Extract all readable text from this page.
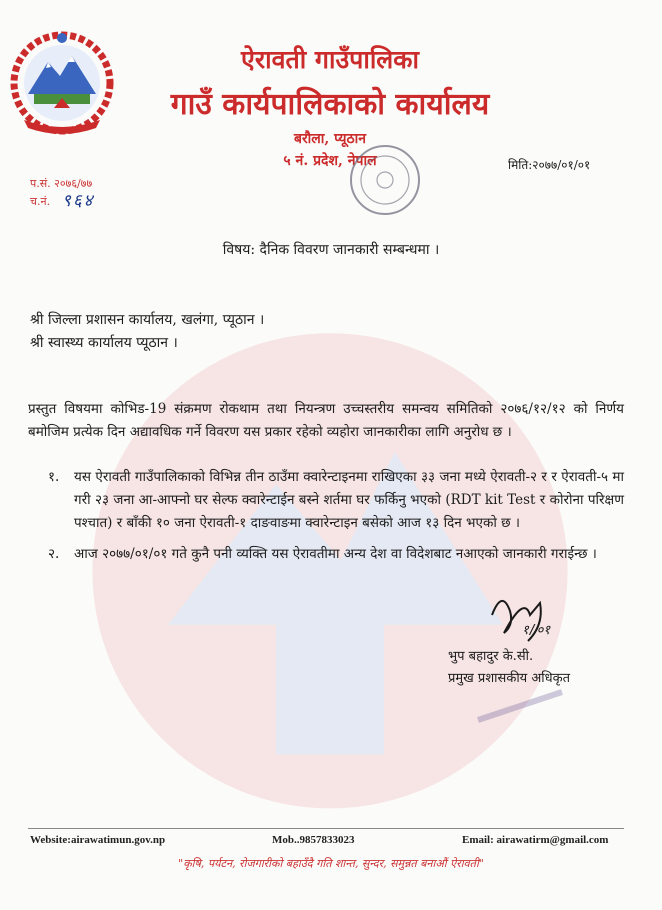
ऐरावती गाउँपालिका
गाउँ कार्यपालिकाको कार्यालय
बरौला, प्यूठान
५ नं. प्रदेश, नेपाल	मिति:२०७७/०१/०१
प.सं. २०७६/७७
च.नं. ९६४
विषय: दैनिक विवरण जानकारी सम्बन्धमा ।
श्री जिल्ला प्रशासन कार्यालय, खलंगा, प्यूठान ।
श्री स्वास्थ्य कार्यालय प्यूठान ।
प्रस्तुत विषयमा कोभिड-19 संक्रमण रोकथाम तथा नियन्त्रण उच्चस्तरीय समन्वय समितिको २०७६/१२/१२ को निर्णय बमोजिम प्रत्येक दिन अद्यावधिक गर्ने विवरण यस प्रकार रहेको व्यहोरा जानकारीका लागि अनुरोध छ ।
१.	यस ऐरावती गाउँपालिकाको विभिन्न तीन ठाउँमा क्वारेन्टाइनमा राखिएका ३३ जना मध्ये ऐरावती-२ र र ऐरावती-५ मा गरी २३ जना आ-आफ्नो घर सेल्फ क्वारेन्टाईन बस्ने शर्तमा घर फर्किनु भएको (RDT kit Test र कोरोना परिक्षण पश्चात) र बाँकी १० जना ऐरावती-१ दाङवाङमा क्वारेन्टाइन बसेको आज १३ दिन भएको छ ।
२.	आज २०७७/०१/०१ गते कुनै पनी व्यक्ति यस ऐरावतीमा अन्य देश वा विदेशबाट नआएको जानकारी गराईन्छ ।
१/०१
भुप बहादुर के.सी.
प्रमुख प्रशासकीय अधिकृत
Website:airawatimun.gov.np	Mob..9857833023	Email: airawatirm@gmail.com
"कृषि, पर्यटन, रोजगारीको बहाउँदै गति शान्त, सुन्दर, समुन्नत बनाऔं ऐरावती"
